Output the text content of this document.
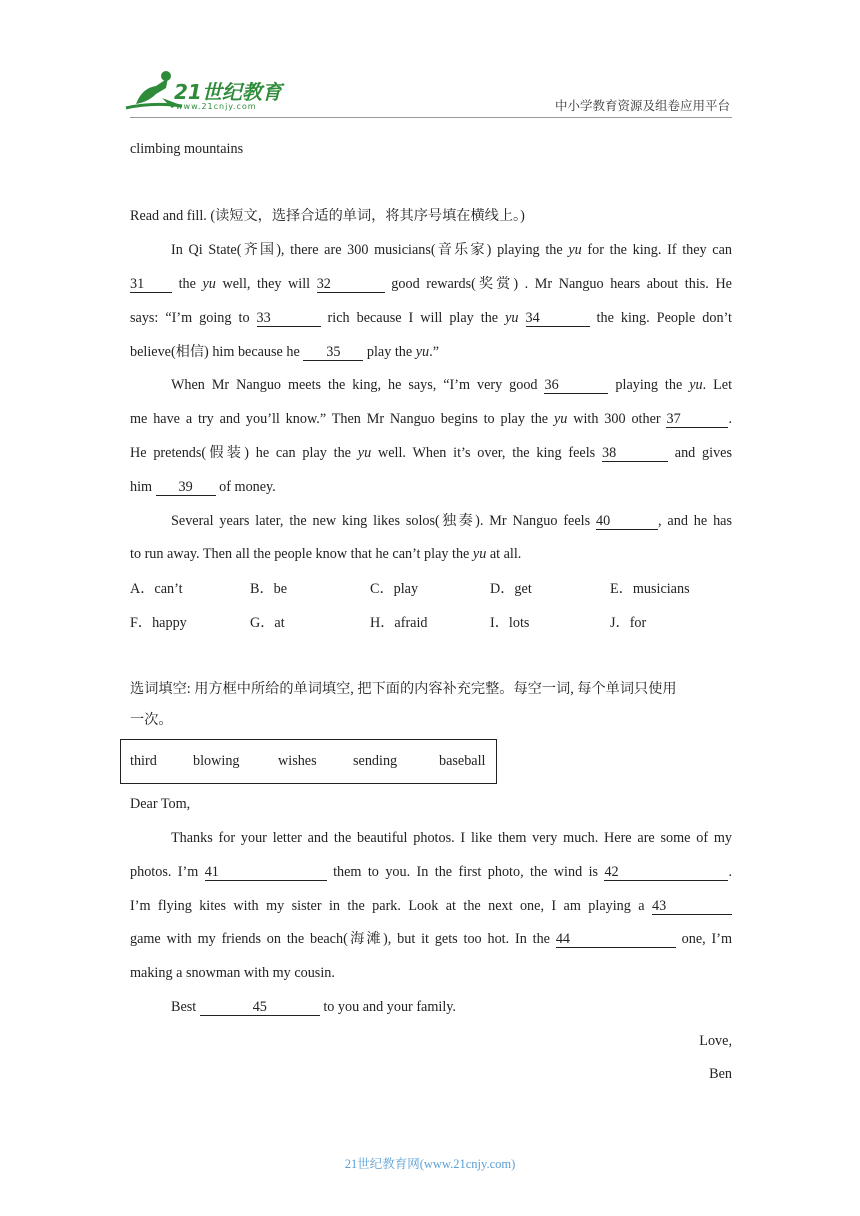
21世纪教育
www.21cnjy.com	中小学教育资源及组卷应用平台
climbing mountains
Read and fill. (读短文，选择合适的单词，将其序号填在横线上。)
In Qi State(齐国), there are 300 musicians(音乐家) playing the yu for the king. If they can
31 the yu well, they will 32	good rewards(奖赏) . Mr Nanguo hears about this. He
says: “I’m going to 33	rich because I will play the yu 34	the king. People don’t
believe(相信) him because he 35 play the yu.”
When Mr Nanguo meets the king, he says, “I’m very good 36	playing the yu. Let
me have a try and you’ll know.” Then Mr Nanguo begins to play the yu with 300 other 37	.
He pretends(假装) he can play the yu well. When it’s over, the king feels 38	and gives
him 39 of money.
Several years later, the new king likes solos(独奏). Mr Nanguo feels 40	, and he has
to run away. Then all the people know that he can’t play the yu at all.
A．can’t	B．be	C．play	D．get	E．musicians
F．happy	G．at	H．afraid	I．lots	J．for
选词填空: 用方框中所给的单词填空, 把下面的内容补充完整。每空一词, 每个单词只使用
一次。
third	blowing	wishes	sending	baseball
Dear Tom,
Thanks for your letter and the beautiful photos. I like them very much. Here are some of my
photos. I’m 41	them to you. In the first photo, the wind is 42	.
I’m flying kites with my sister in the park. Look at the next one, I am playing a 43
game with my friends on the beach(海滩), but it gets too hot. In the 44	one, I’m
making a snowman with my cousin.
Best	45	to you and your family.
Love,
Ben
21世纪教育网(www.21cnjy.com)
